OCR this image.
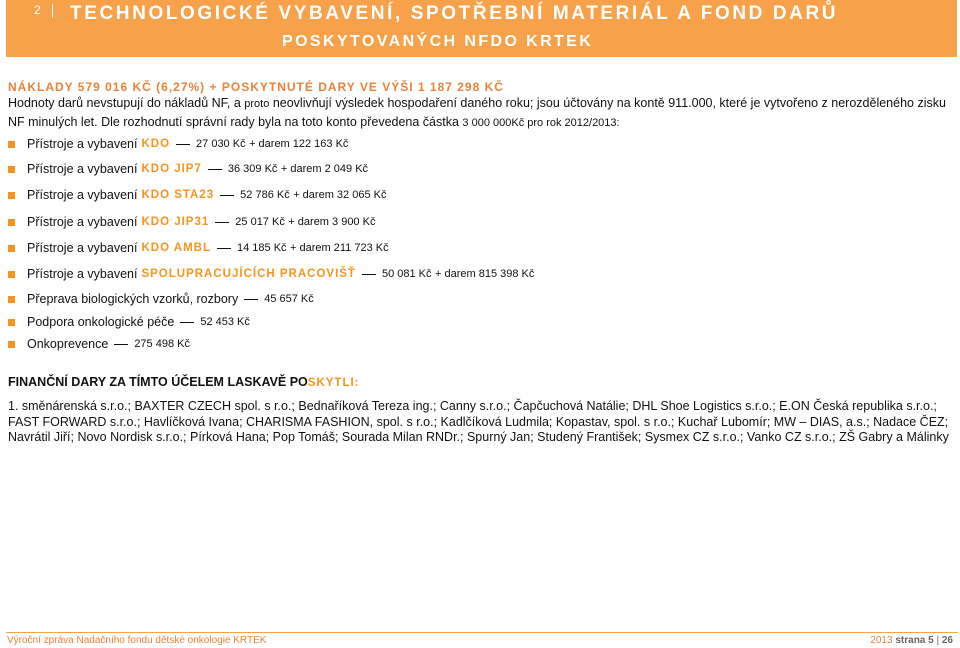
2 TECHNOLOGICKÉ VYBAVENÍ, SPOTŘEBNÍ MATERIÁL A FOND DARŮ
POSKYTOVANÝCH NFDO KRTEK
NÁKLADY 579 016 KČ (6,27%) + POSKYTNUTÉ DARY VE VÝŠI 1 187 298 KČ
Hodnoty darů nevstupují do nákladů NF, a proto neovlivňují výsledek hospodaření daného roku; jsou účtovány na kontě 911.000, které je vytvořeno z nerozděleného zisku NF minulých let. Dle rozhodnutí správní rady byla na toto konto převedena částka 3 000 000Kč pro rok 2012/2013:
Přístroje a vybavení KDO 27 030 Kč
+ darem 122 163 Kč
Přístroje a vybavení KDO JIP7 36 309 Kč
+ darem 2 049 Kč
Přístroje a vybavení KDO STA23 52 786 Kč
+ darem 32 065 Kč
Přístroje a vybavení KDO JIP31 25 017 Kč
+ darem 3 900 Kč
Přístroje a vybavení KDO AMBL 14 185 Kč
+ darem 211 723 Kč
Přístroje a vybavení SPOLUPRACUJÍCÍCH PRACOVIŠŤ 50 081 Kč
+ darem 815 398 Kč
Přeprava biologických vzorků, rozbory 45 657 Kč
Podpora onkologické péče 52 453 Kč
Onkoprevence 275 498 Kč
FINANČNÍ DARY ZA TÍMTO ÚČELEM LASKAVĚ POSKYTLI:
1. směnárenská s.r.o.; BAXTER CZECH spol. s r.o.; Bednaříková Tereza ing.; Canny s.r.o.; Čapčuchová Natálie; DHL Shoe Logistics s.r.o.; E.ON Česká republika s.r.o.; FAST FORWARD s.r.o.; Havlíčková Ivana; CHARISMA FASHION, spol. s r.o.; Kadlčíková Ludmila; Kopastav, spol. s r.o.; Kuchař Lubomír; MW – DIAS, a.s.; Nadace ČEZ; Navrátil Jiří; Novo Nordisk s.r.o.; Pírková Hana; Pop Tomáš; Sourada Milan RNDr.; Spurný Jan; Studený František; Sysmex CZ s.r.o.; Vanko CZ s.r.o.; ZŠ Gabry a Málinky
Výroční zpráva Nadačního fondu dětské onkologie KRTEK	2013 strana 5 | 26
